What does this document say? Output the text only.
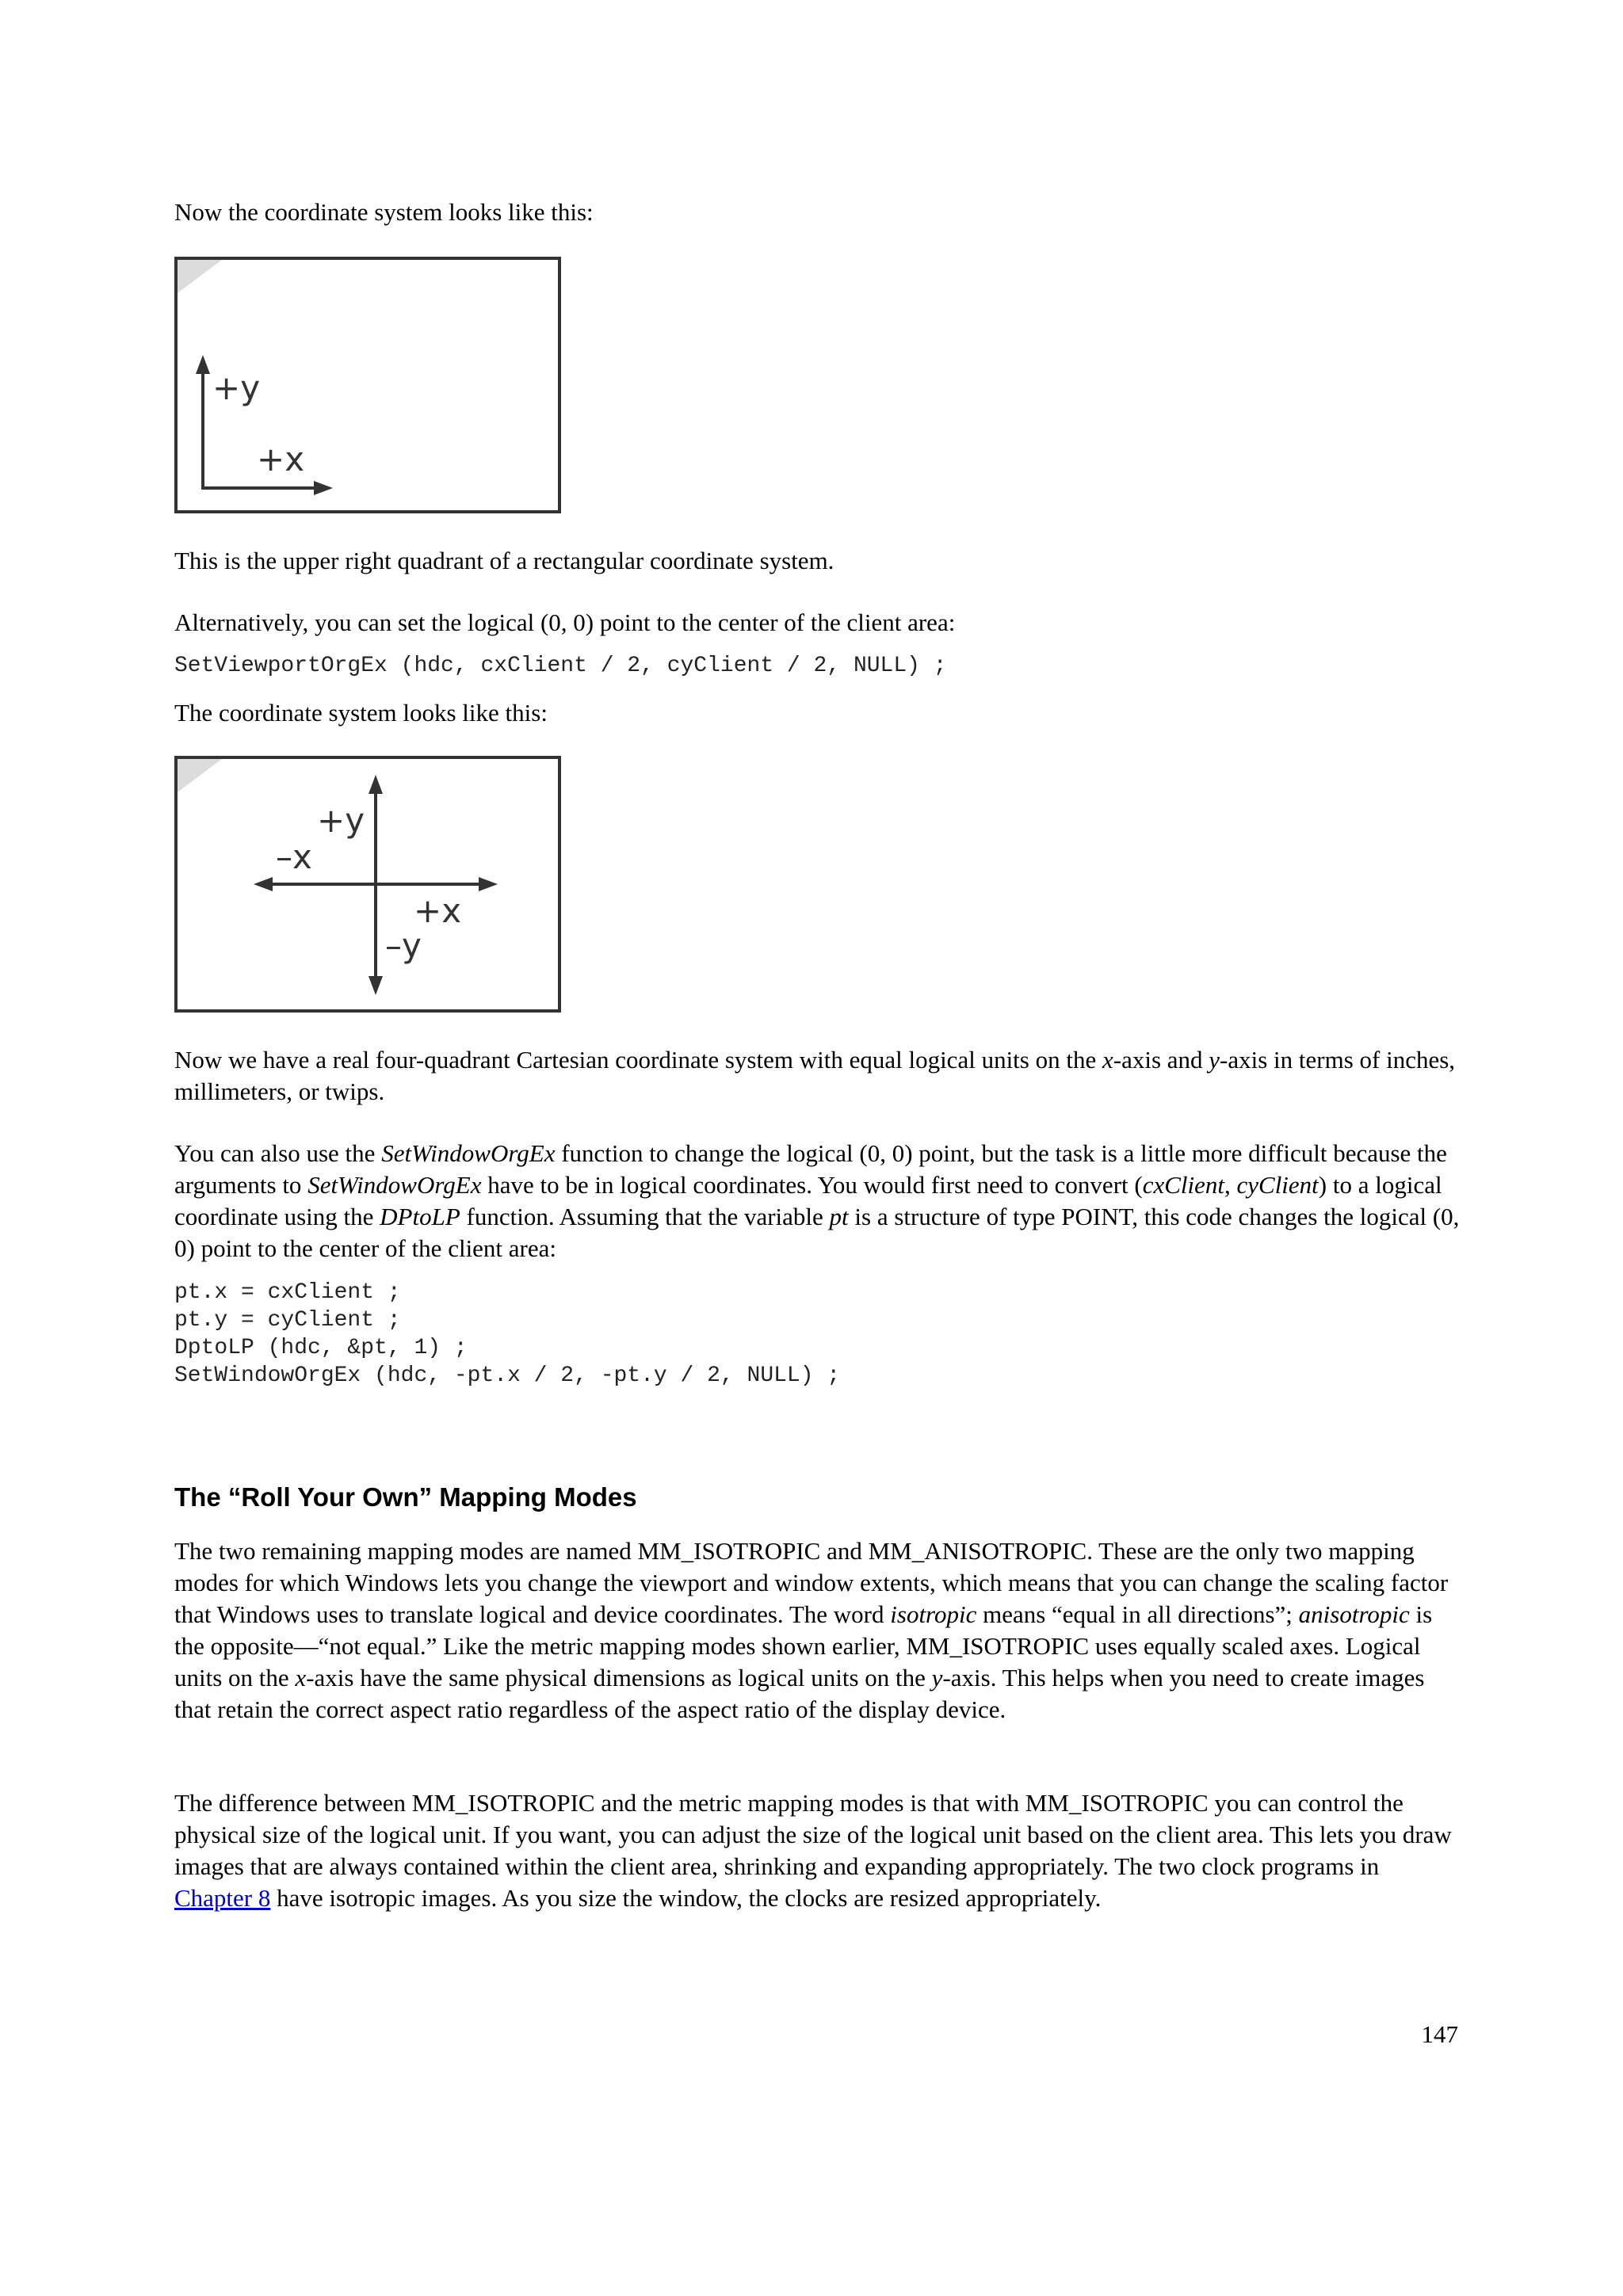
Now the coordinate system looks like this:

+y
+x

This is the upper right quadrant of a rectangular coordinate system.

Alternatively, you can set the logical (0, 0) point to the center of the client area:

SetViewportOrgEx (hdc, cxClient / 2, cyClient / 2, NULL) ;

The coordinate system looks like this:

+y
–x
+x
–y

Now we have a real four-quadrant Cartesian coordinate system with equal logical units on the x-axis and y-axis in terms of inches, millimeters, or twips.

You can also use the SetWindowOrgEx function to change the logical (0, 0) point, but the task is a little more difficult because the arguments to SetWindowOrgEx have to be in logical coordinates. You would first need to convert (cxClient, cyClient) to a logical coordinate using the DPtoLP function. Assuming that the variable pt is a structure of type POINT, this code changes the logical (0, 0) point to the center of the client area:

pt.x = cxClient ;

pt.y = cyClient ;

DptoLP (hdc, &pt, 1) ;

SetWindowOrgEx (hdc, -pt.x / 2, -pt.y / 2, NULL) ;

The “Roll Your Own” Mapping Modes

The two remaining mapping modes are named MM_ISOTROPIC and MM_ANISOTROPIC. These are the only two mapping modes for which Windows lets you change the viewport and window extents, which means that you can change the scaling factor that Windows uses to translate logical and device coordinates. The word isotropic means “equal in all directions”; anisotropic is the opposite—“not equal.” Like the metric mapping modes shown earlier, MM_ISOTROPIC uses equally scaled axes. Logical units on the x-axis have the same physical dimensions as logical units on the y-axis. This helps when you need to create images that retain the correct aspect ratio regardless of the aspect ratio of the display device.

The difference between MM_ISOTROPIC and the metric mapping modes is that with MM_ISOTROPIC you can control the physical size of the logical unit. If you want, you can adjust the size of the logical unit based on the client area. This lets you draw images that are always contained within the client area, shrinking and expanding appropriately. The two clock programs in Chapter 8 have isotropic images. As you size the window, the clocks are resized appropriately.

147
